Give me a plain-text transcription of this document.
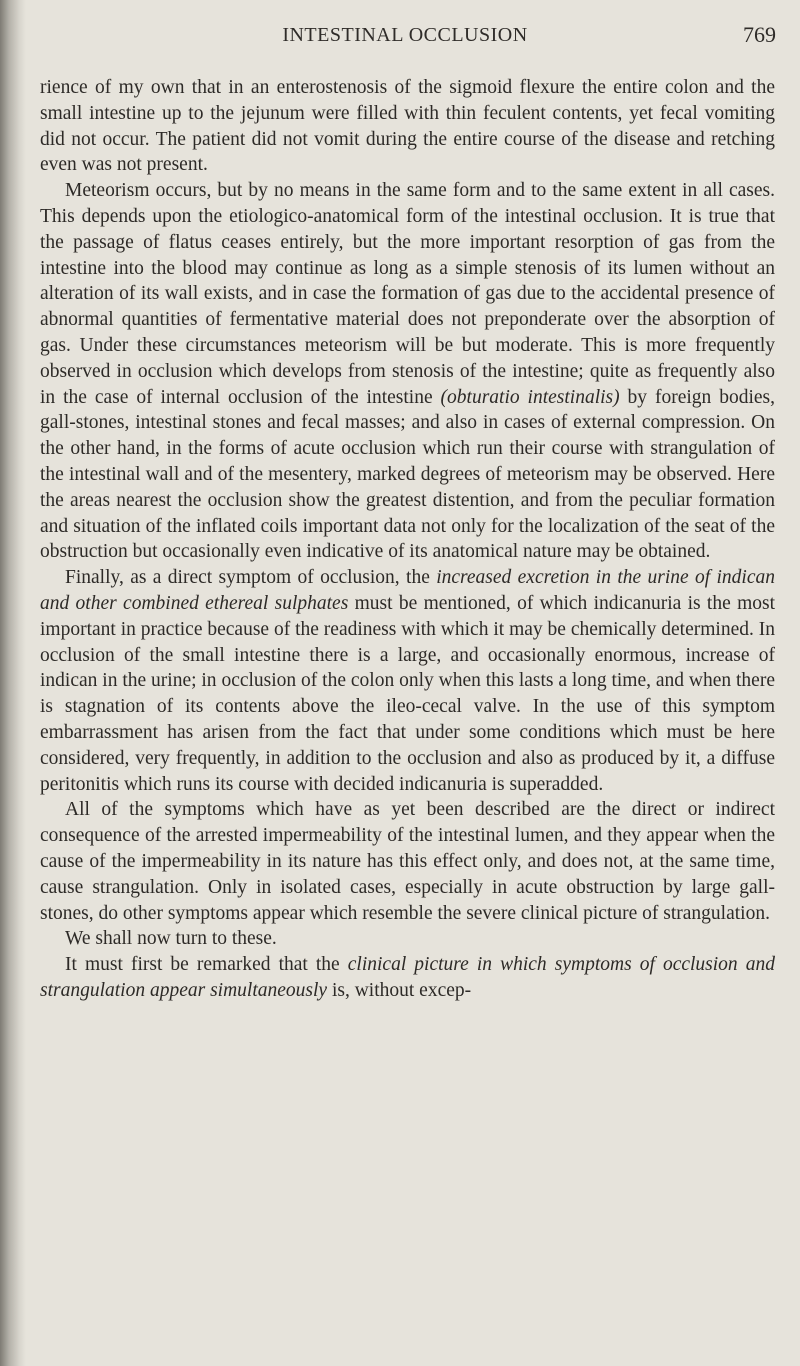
INTESTINAL OCCLUSION	769

rience of my own that in an enterostenosis of the sigmoid flexure the entire colon and the small intestine up to the jejunum were filled with thin feculent contents, yet fecal vomiting did not occur. The patient did not vomit during the entire course of the disease and retching even was not present.

Meteorism occurs, but by no means in the same form and to the same extent in all cases. This depends upon the etiologico-anatomical form of the intestinal occlusion. It is true that the passage of flatus ceases entirely, but the more important resorption of gas from the intestine into the blood may continue as long as a simple stenosis of its lumen without an alteration of its wall exists, and in case the formation of gas due to the accidental presence of abnormal quantities of fermentative material does not preponderate over the absorption of gas. Under these circumstances meteorism will be but moderate. This is more frequently observed in occlusion which develops from stenosis of the intestine; quite as frequently also in the case of internal occlusion of the intestine (obturatio intestinalis) by foreign bodies, gall-stones, intestinal stones and fecal masses; and also in cases of external compression. On the other hand, in the forms of acute occlusion which run their course with strangulation of the intestinal wall and of the mesentery, marked degrees of meteorism may be observed. Here the areas nearest the occlusion show the greatest distention, and from the peculiar formation and situation of the inflated coils important data not only for the localization of the seat of the obstruction but occasionally even indicative of its anatomical nature may be obtained.

Finally, as a direct symptom of occlusion, the increased excretion in the urine of indican and other combined ethereal sulphates must be mentioned, of which indicanuria is the most important in practice because of the readiness with which it may be chemically determined. In occlusion of the small intestine there is a large, and occasionally enormous, increase of indican in the urine; in occlusion of the colon only when this lasts a long time, and when there is stagnation of its contents above the ileo-cecal valve. In the use of this symptom embarrassment has arisen from the fact that under some conditions which must be here considered, very frequently, in addition to the occlusion and also as produced by it, a diffuse peritonitis which runs its course with decided indicanuria is superadded.

All of the symptoms which have as yet been described are the direct or indirect consequence of the arrested impermeability of the intestinal lumen, and they appear when the cause of the impermeability in its nature has this effect only, and does not, at the same time, cause strangulation. Only in isolated cases, especially in acute obstruction by large gall-stones, do other symptoms appear which resemble the severe clinical picture of strangulation.

We shall now turn to these.

It must first be remarked that the clinical picture in which symptoms of occlusion and strangulation appear simultaneously is, without excep-
